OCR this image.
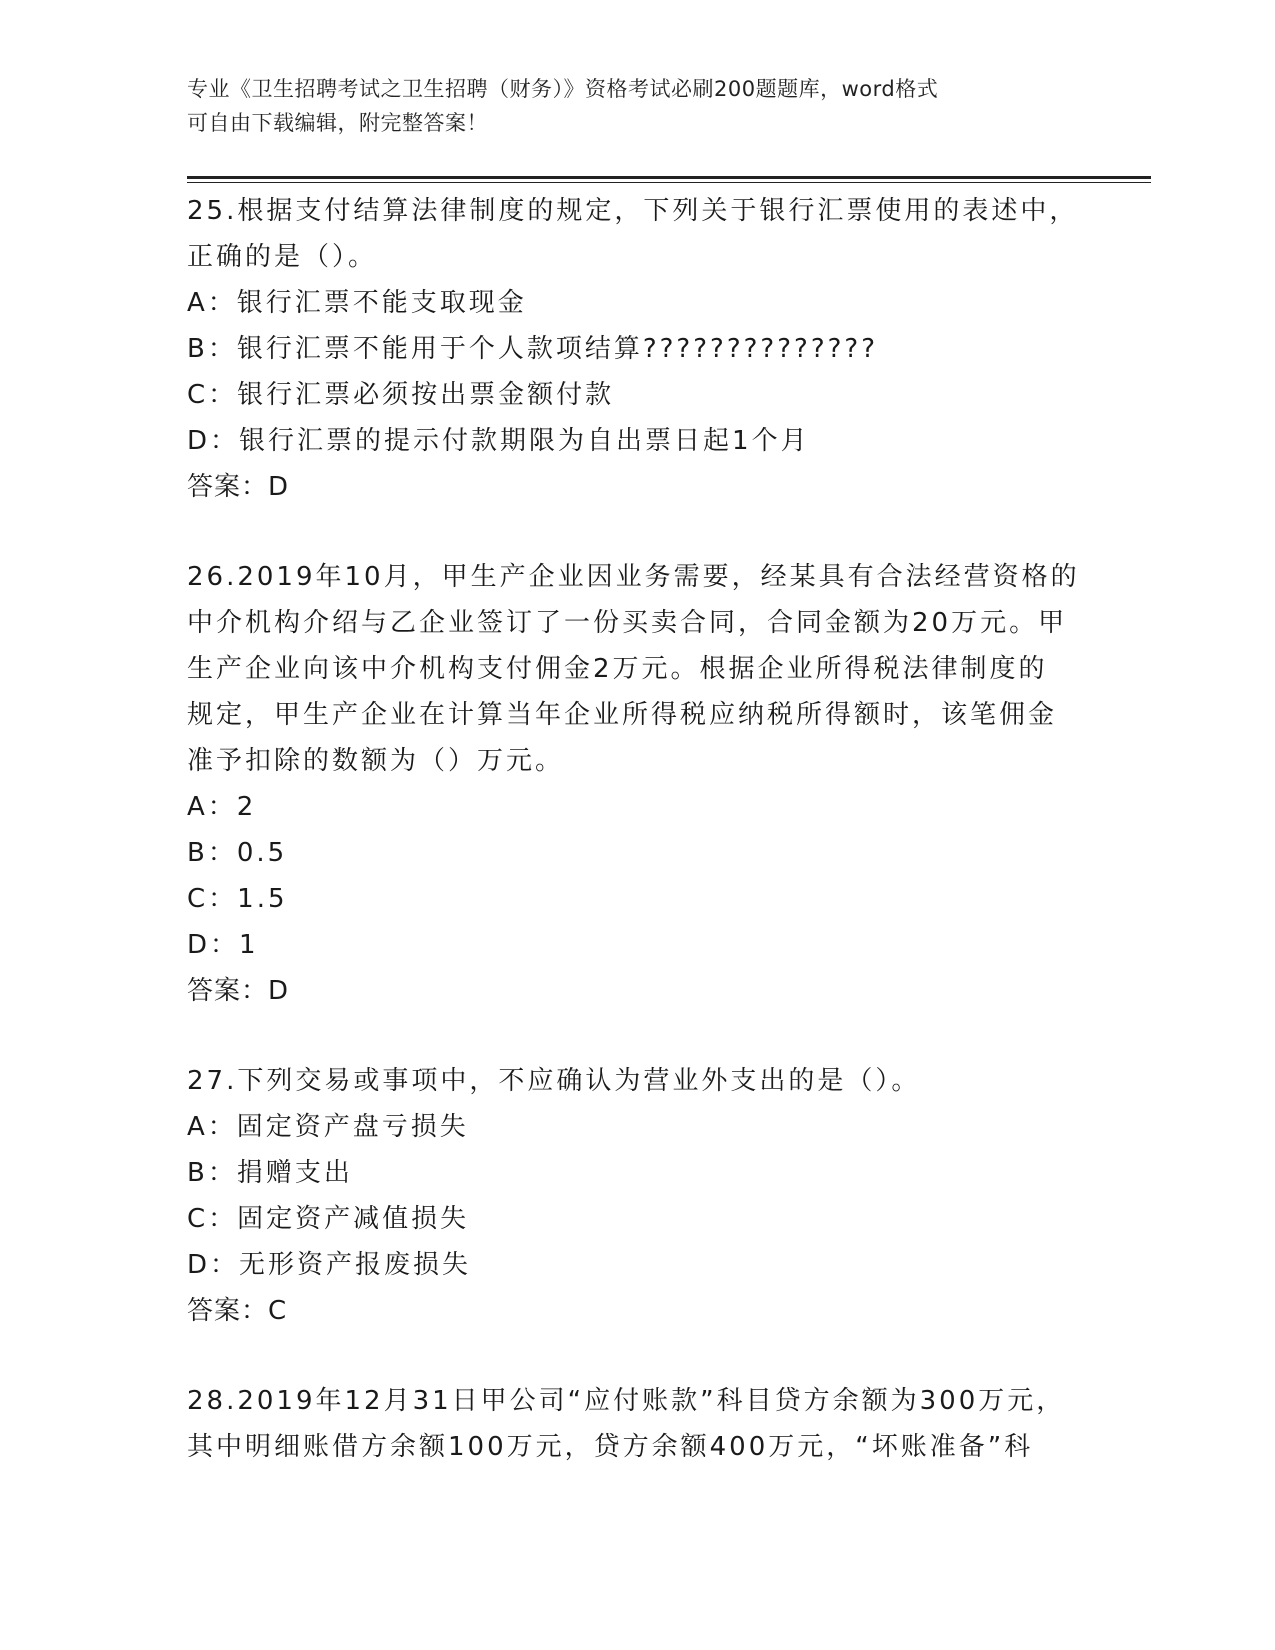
专业《卫生招聘考试之卫生招聘（财务）》资格考试必刷200题题库，word格式
可自由下载编辑，附完整答案！

25.根据支付结算法律制度的规定，下列关于银行汇票使用的表述中，

正确的是（）。

A：银行汇票不能支取现金

B：银行汇票不能用于个人款项结算??????????????

C：银行汇票必须按出票金额付款

D：银行汇票的提示付款期限为自出票日起1个月

答案：D

26.2019年10月，甲生产企业因业务需要，经某具有合法经营资格的

中介机构介绍与乙企业签订了一份买卖合同，合同金额为20万元。甲

生产企业向该中介机构支付佣金2万元。根据企业所得税法律制度的

规定，甲生产企业在计算当年企业所得税应纳税所得额时，该笔佣金

准予扣除的数额为（）万元。

A：2

B：0.5

C：1.5

D：1

答案：D

27.下列交易或事项中，不应确认为营业外支出的是（）。

A：固定资产盘亏损失

B：捐赠支出

C：固定资产减值损失

D：无形资产报废损失

答案：C

28.2019年12月31日甲公司“应付账款”科目贷方余额为300万元，

其中明细账借方余额100万元，贷方余额400万元，“坏账准备”科
